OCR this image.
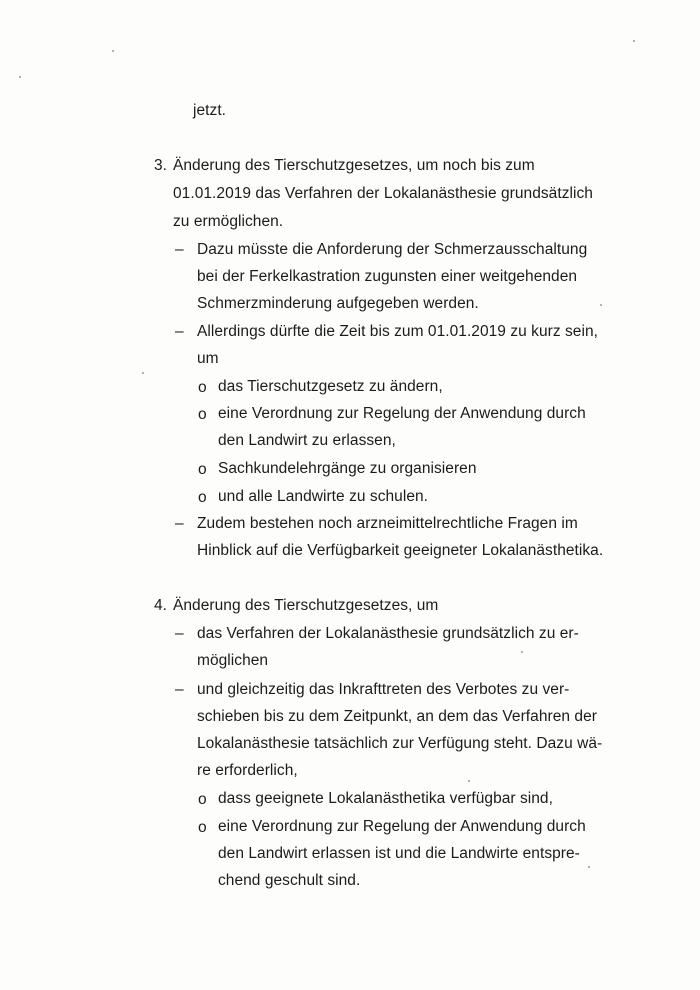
jetzt.
3. Änderung des Tierschutzgesetzes, um noch bis zum
01.01.2019 das Verfahren der Lokalanästhesie grundsätzlich
zu ermöglichen.
– Dazu müsste die Anforderung der Schmerzausschaltung
bei der Ferkelkastration zugunsten einer weitgehenden
Schmerzminderung aufgegeben werden.
– Allerdings dürfte die Zeit bis zum 01.01.2019 zu kurz sein,
um
o das Tierschutzgesetz zu ändern,
o eine Verordnung zur Regelung der Anwendung durch
den Landwirt zu erlassen,
o Sachkundelehrgänge zu organisieren
o und alle Landwirte zu schulen.
– Zudem bestehen noch arzneimittelrechtliche Fragen im
Hinblick auf die Verfügbarkeit geeigneter Lokalanästhetika.
4. Änderung des Tierschutzgesetzes, um
– das Verfahren der Lokalanästhesie grundsätzlich zu er-
möglichen
– und gleichzeitig das Inkrafttreten des Verbotes zu ver-
schieben bis zu dem Zeitpunkt, an dem das Verfahren der
Lokalanästhesie tatsächlich zur Verfügung steht. Dazu wä-
re erforderlich,
o dass geeignete Lokalanästhetika verfügbar sind,
o eine Verordnung zur Regelung der Anwendung durch
den Landwirt erlassen ist und die Landwirte entspre-
chend geschult sind.
